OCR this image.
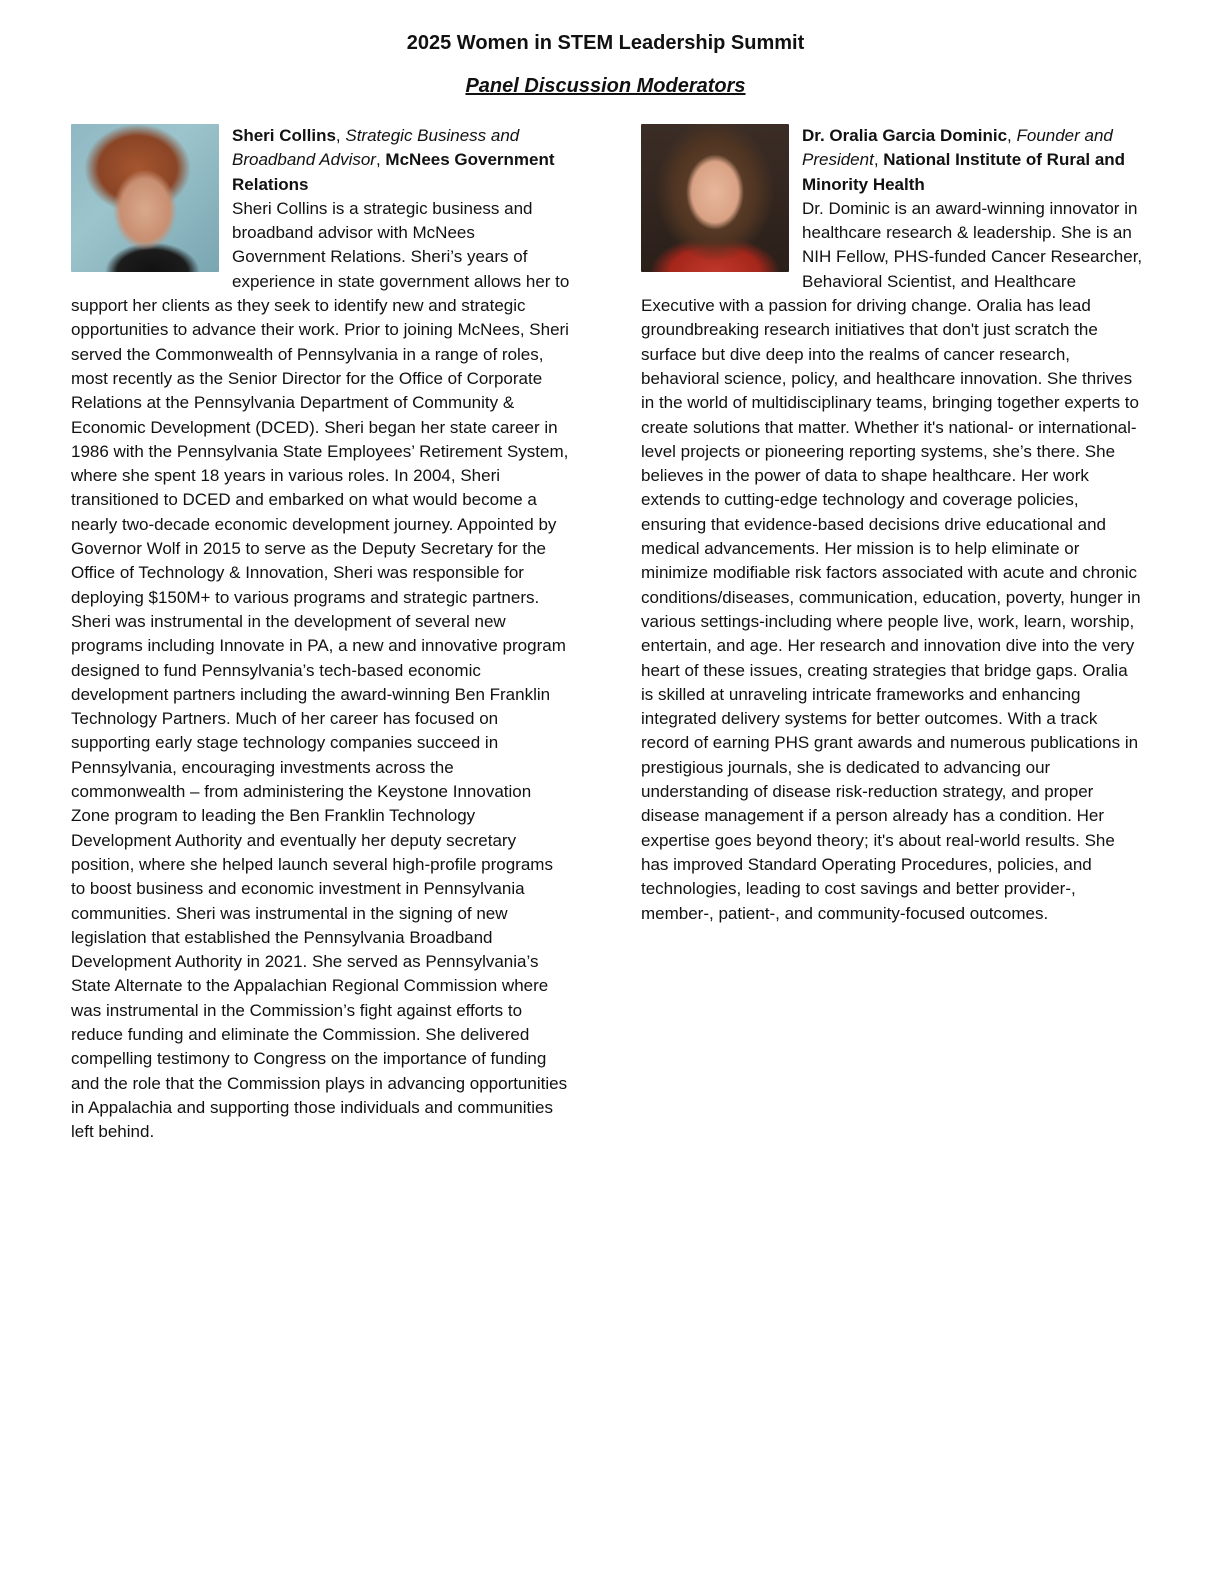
2025 Women in STEM Leadership Summit
Panel Discussion Moderators

Sheri Collins, Strategic Business and Broadband Advisor, McNees Government Relations

Sheri Collins is a strategic business and broadband advisor with McNees Government Relations. Sheri’s years of experience in state government allows her to support her clients as they seek to identify new and strategic opportunities to advance their work. Prior to joining McNees, Sheri served the Commonwealth of Pennsylvania in a range of roles, most recently as the Senior Director for the Office of Corporate Relations at the Pennsylvania Department of Community & Economic Development (DCED). Sheri began her state career in 1986 with the Pennsylvania State Employees’ Retirement System, where she spent 18 years in various roles. In 2004, Sheri transitioned to DCED and embarked on what would become a nearly two-decade economic development journey. Appointed by Governor Wolf in 2015 to serve as the Deputy Secretary for the Office of Technology & Innovation, Sheri was responsible for deploying $150M+ to various programs and strategic partners. Sheri was instrumental in the development of several new programs including Innovate in PA, a new and innovative program designed to fund Pennsylvania’s tech-based economic development partners including the award-winning Ben Franklin Technology Partners. Much of her career has focused on supporting early stage technology companies succeed in Pennsylvania, encouraging investments across the commonwealth – from administering the Keystone Innovation Zone program to leading the Ben Franklin Technology Development Authority and eventually her deputy secretary position, where she helped launch several high-profile programs to boost business and economic investment in Pennsylvania communities. Sheri was instrumental in the signing of new legislation that established the Pennsylvania Broadband Development Authority in 2021. She served as Pennsylvania’s State Alternate to the Appalachian Regional Commission where was instrumental in the Commission’s fight against efforts to reduce funding and eliminate the Commission. She delivered compelling testimony to Congress on the importance of funding and the role that the Commission plays in advancing opportunities in Appalachia and supporting those individuals and communities left behind.

Dr. Oralia Garcia Dominic, Founder and President, National Institute of Rural and Minority Health

Dr. Dominic is an award-winning innovator in healthcare research & leadership. She is an NIH Fellow, PHS-funded Cancer Researcher, Behavioral Scientist, and Healthcare Executive with a passion for driving change. Oralia has lead groundbreaking research initiatives that don't just scratch the surface but dive deep into the realms of cancer research, behavioral science, policy, and healthcare innovation. She thrives in the world of multidisciplinary teams, bringing together experts to create solutions that matter. Whether it's national- or international-level projects or pioneering reporting systems, she’s there. She believes in the power of data to shape healthcare. Her work extends to cutting-edge technology and coverage policies, ensuring that evidence-based decisions drive educational and medical advancements. Her mission is to help eliminate or minimize modifiable risk factors associated with acute and chronic conditions/diseases, communication, education, poverty, hunger in various settings-including where people live, work, learn, worship, entertain, and age. Her research and innovation dive into the very heart of these issues, creating strategies that bridge gaps. Oralia is skilled at unraveling intricate frameworks and enhancing integrated delivery systems for better outcomes. With a track record of earning PHS grant awards and numerous publications in prestigious journals, she is dedicated to advancing our understanding of disease risk-reduction strategy, and proper disease management if a person already has a condition. Her expertise goes beyond theory; it's about real-world results. She has improved Standard Operating Procedures, policies, and technologies, leading to cost savings and better provider-, member-, patient-, and community-focused outcomes.
